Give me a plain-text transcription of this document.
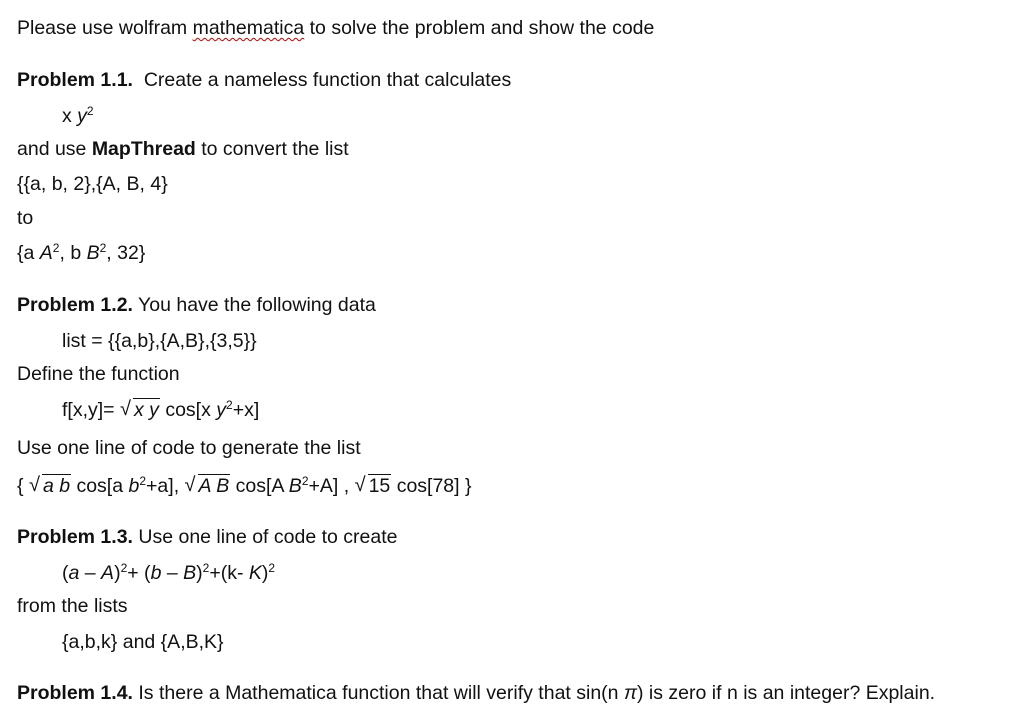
Please use wolfram mathematica to solve the problem and show the code
Problem 1.1. Create a nameless function that calculates
x $y^2$
and use MapThread to convert the list
{{a, b, 2},{A, B, 4}
to
{a $A^2$, b $B^2$, 32}
Problem 1.2. You have the following data
list = {{a,b},{A,B},{3,5}}
Define the function
f[x,y]= √ x y cos[x $y^2+x$]
Use one line of code to generate the list
{ √ a b cos[a $b^2+a$], √ A B cos[A $B^2+A$] , √ 15 cos[78] }
Problem 1.3. Use one line of code to create
(a – A)$^2$+ (b – B)$^2$+(k- K)$^2$
from the lists
{a,b,k} and {A,B,K}
Problem 1.4. Is there a Mathematica function that will verify that sin(n π) is zero if n is an integer? Explain.
